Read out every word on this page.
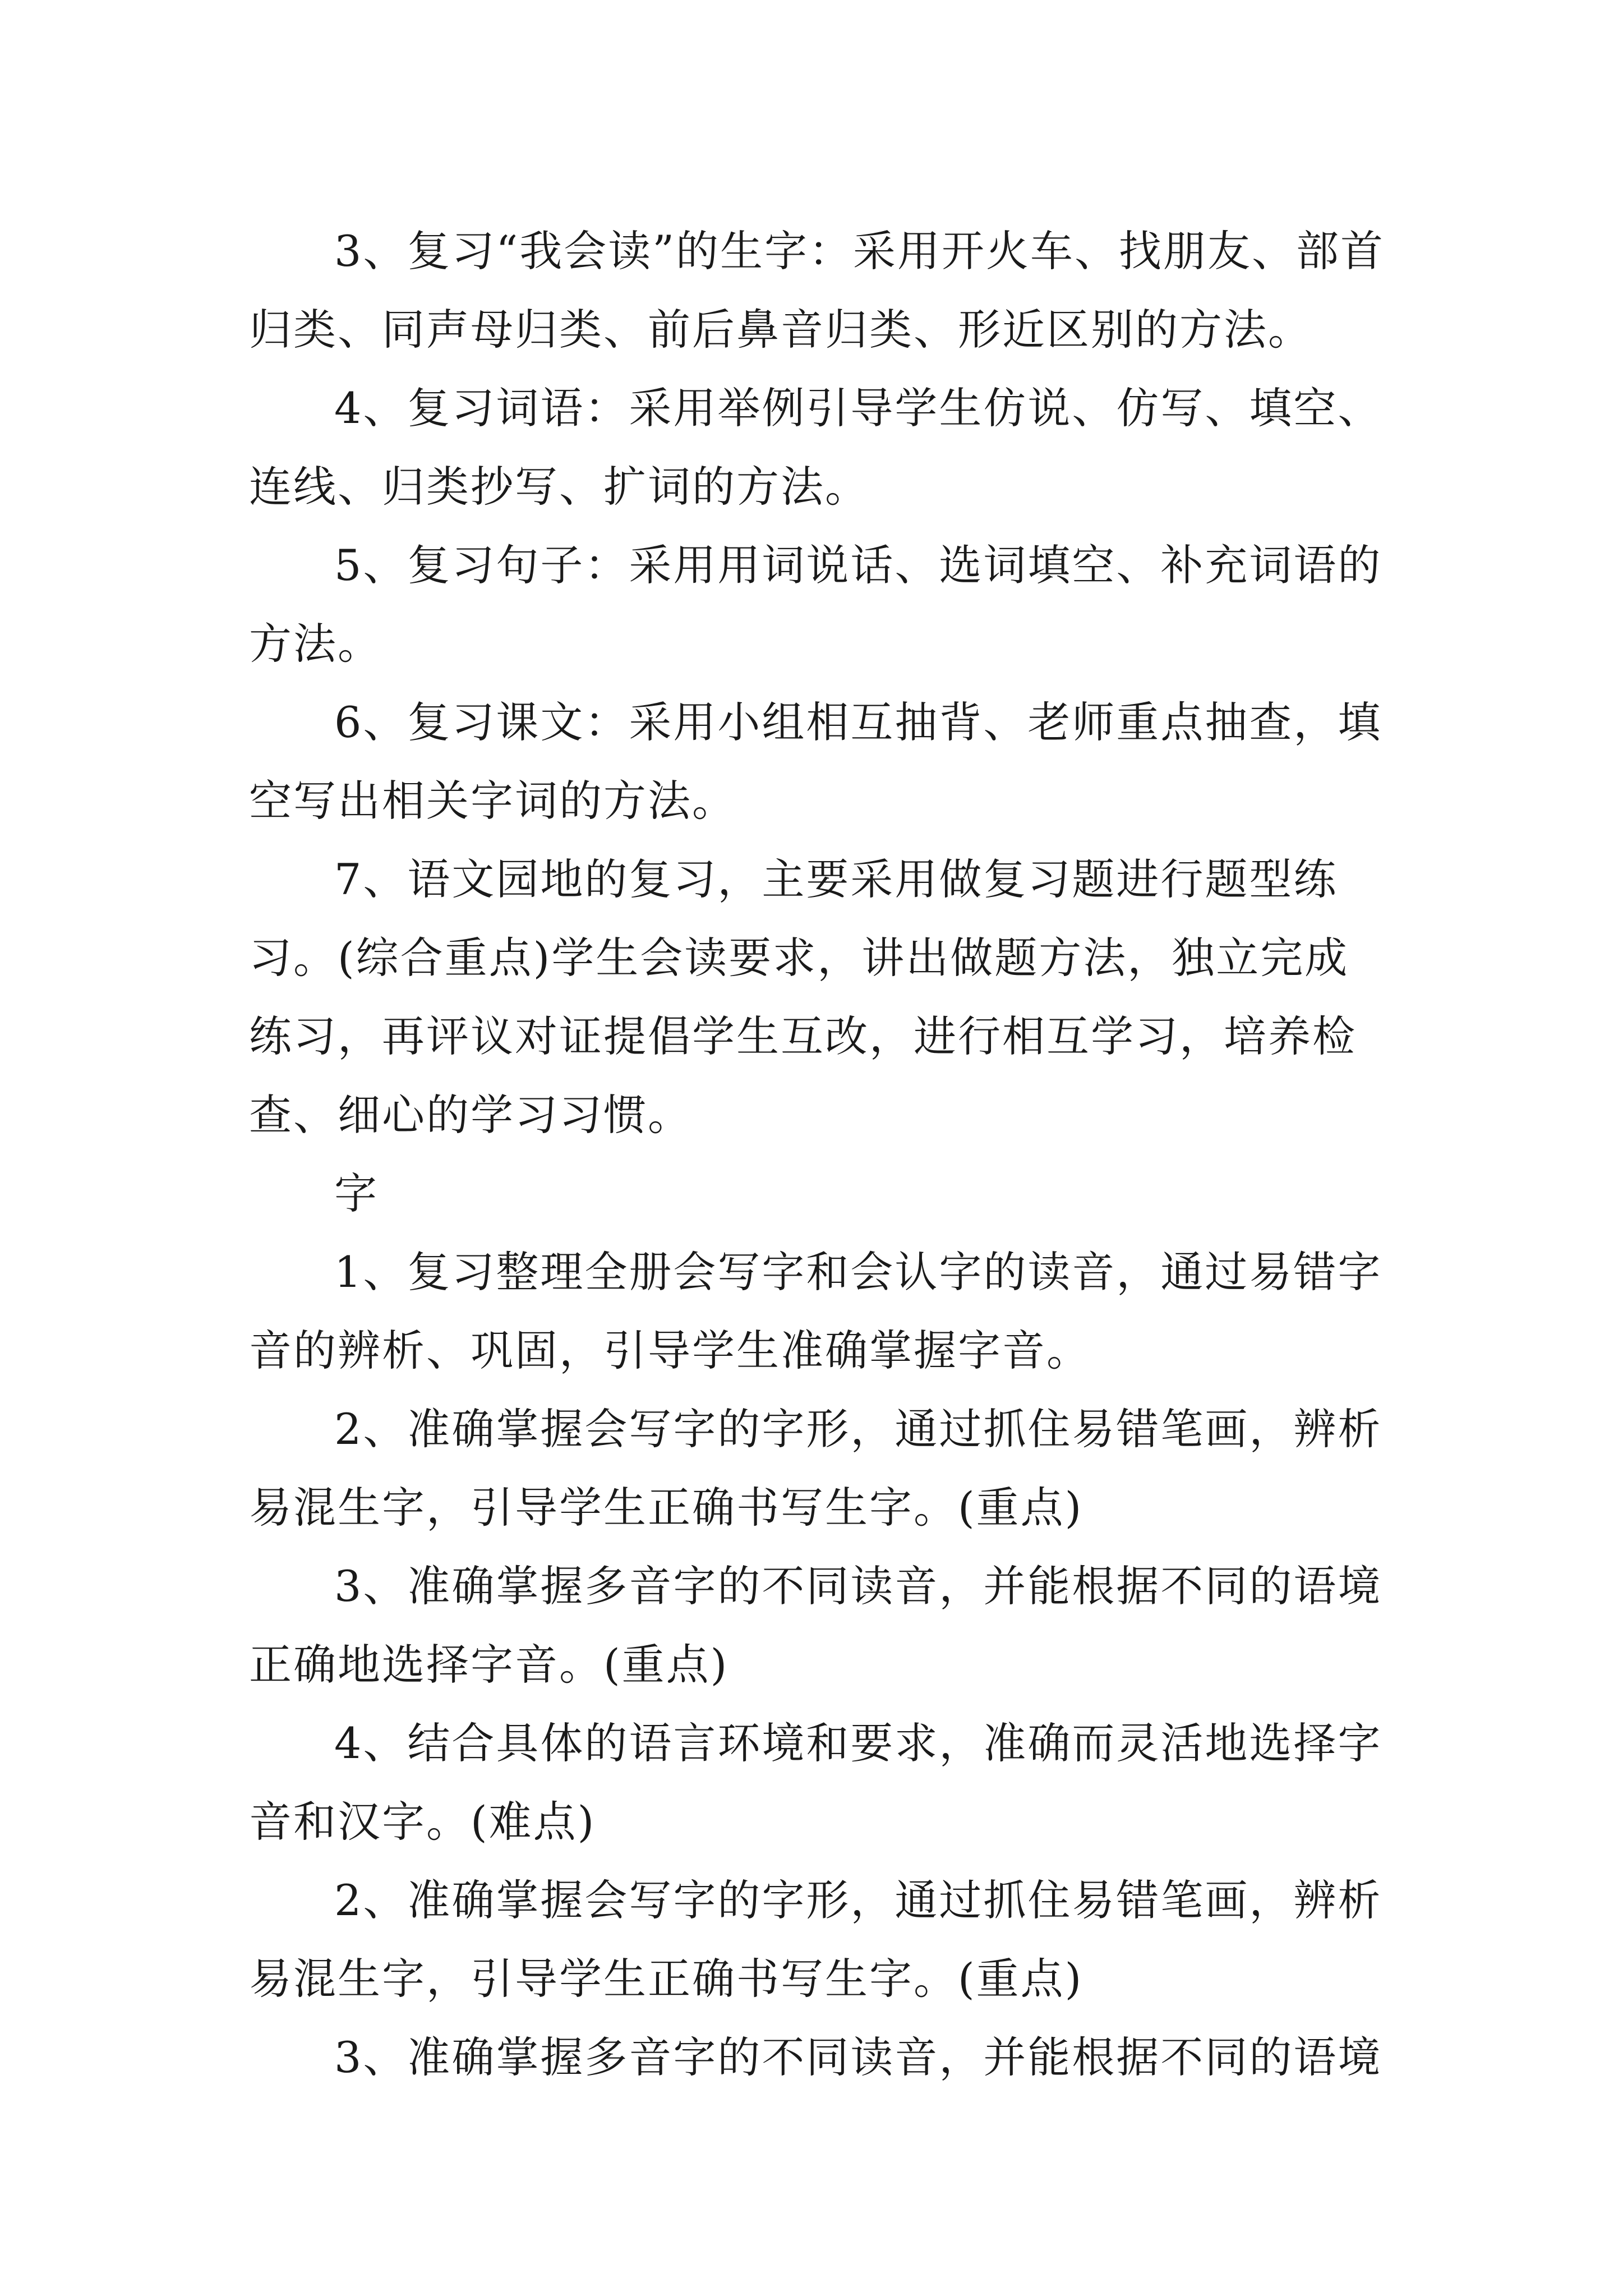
3、复习“我会读”的生字：采用开火车、找朋友、部首归类、同声母归类、前后鼻音归类、形近区别的方法。

4、复习词语：采用举例引导学生仿说、仿写、填空、连线、归类抄写、扩词的方法。

5、复习句子：采用用词说话、选词填空、补充词语的方法。

6、复习课文：采用小组相互抽背、老师重点抽查，填空写出相关字词的方法。

7、语文园地的复习，主要采用做复习题进行题型练习。(综合重点)学生会读要求，讲出做题方法，独立完成练习，再评议对证提倡学生互改，进行相互学习，培养检查、细心的学习习惯。

字

1、复习整理全册会写字和会认字的读音，通过易错字音的辨析、巩固，引导学生准确掌握字音。

2、准确掌握会写字的字形，通过抓住易错笔画，辨析易混生字，引导学生正确书写生字。(重点)

3、准确掌握多音字的不同读音，并能根据不同的语境正确地选择字音。(重点)

4、结合具体的语言环境和要求，准确而灵活地选择字音和汉字。(难点)

2、准确掌握会写字的字形，通过抓住易错笔画，辨析易混生字，引导学生正确书写生字。(重点)

3、准确掌握多音字的不同读音，并能根据不同的语境
